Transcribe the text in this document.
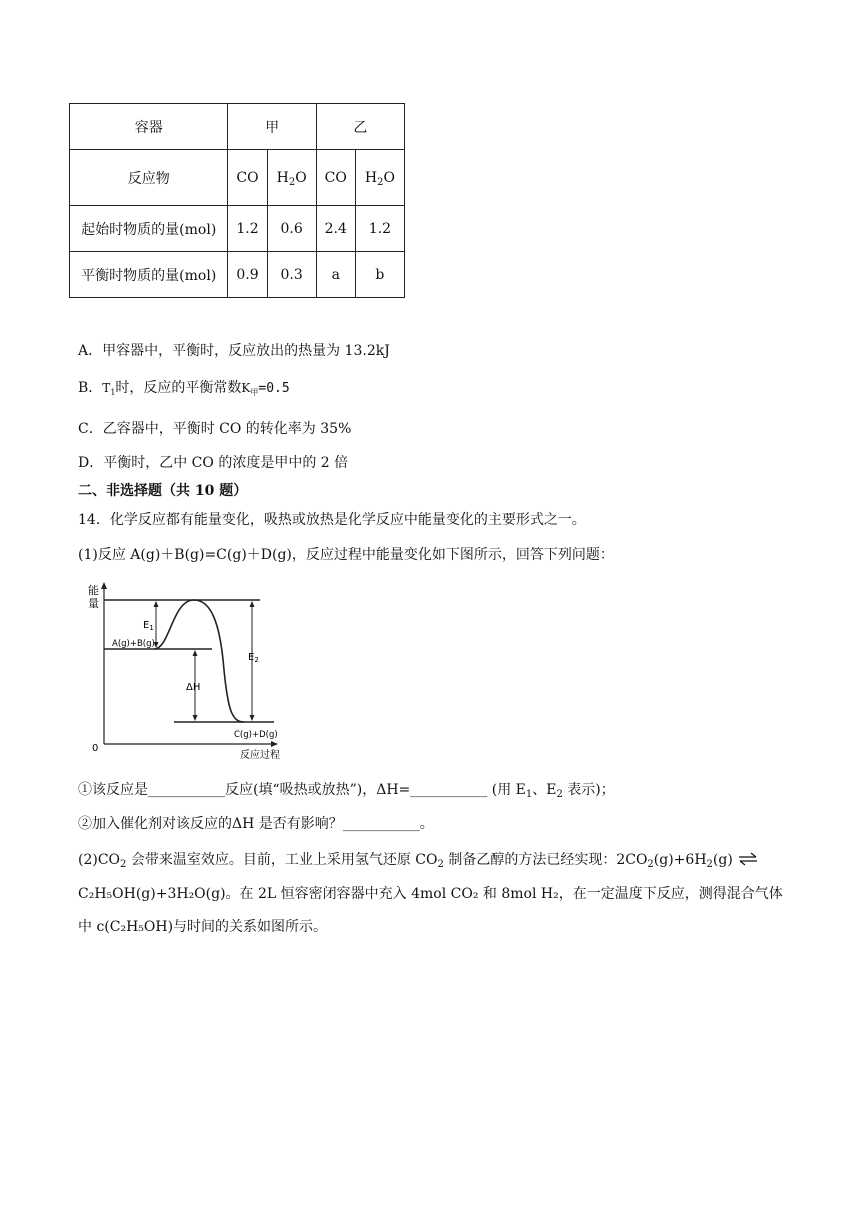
容器	甲		乙	
反应物	CO	$H_2O$	CO	$H_2O$
起始时物质的量(mol)	1.2	0.6	2.4	1.2
平衡时物质的量(mol)	0.9	0.3	a	b
A．甲容器中，平衡时，反应放出的热量为 13.2kJ
B．$T_1$时，反应的平衡常数$K_甲=0.5$
C．乙容器中，平衡时 CO 的转化率为 35%
D．平衡时，乙中 CO 的浓度是甲中的 2 倍
二、非选择题（共 10 题）
14．化学反应都有能量变化，吸热或放热是化学反应中能量变化的主要形式之一。
(1)反应 A(g)＋B(g)=C(g)＋D(g)，反应过程中能量变化如下图所示，回答下列问题：
能
量
0
反应过程
A(g)+B(g)
C(g)+D(g)
$E_1$
$E_2$
ΔH
①该反应是___________反应(填“吸热或放热”)，ΔH=___________ (用 $E_1$、$E_2$ 表示)；
②加入催化剂对该反应的ΔH 是否有影响？___________。
$(2)CO_2$ 会带来温室效应。目前，工业上采用氢气还原 $CO_2$ 制备乙醇的方法已经实现：$2CO_2(g)+6H_2(g)$ ⇌
C₂H₅OH(g)+3H₂O(g)。在 2L 恒容密闭容器中充入 4mol CO₂ 和 8mol H₂，在一定温度下反应，测得混合气体
中 c(C₂H₅OH)与时间的关系如图所示。
